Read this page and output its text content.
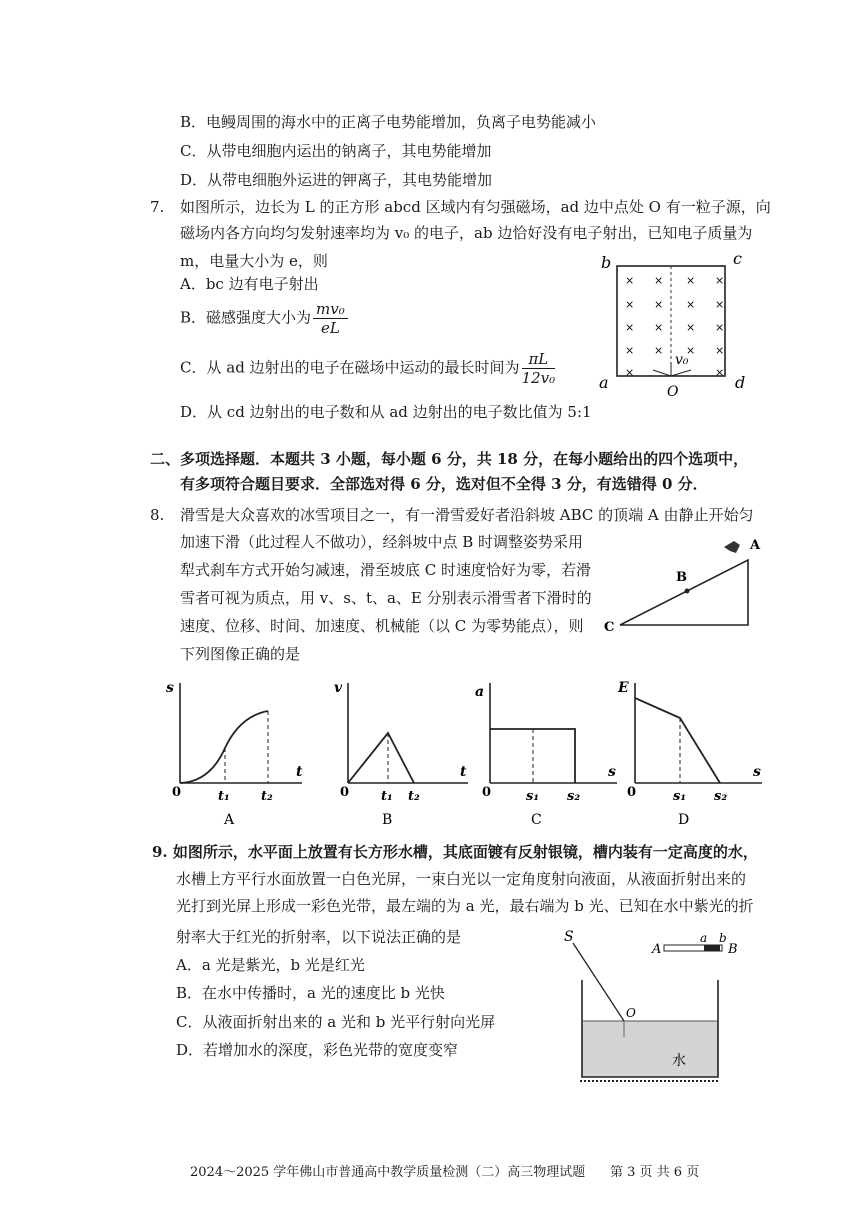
B．电鳗周围的海水中的正离子电势能增加，负离子电势能减小
C．从带电细胞内运出的钠离子，其电势能增加
D．从带电细胞外运进的钾离子，其电势能增加
7. 如图所示，边长为 L 的正方形 abcd 区域内有匀强磁场，ad 边中点处 O 有一粒子源，向
磁场内各方向均匀发射速率均为 v₀ 的电子，ab 边恰好没有电子射出，已知电子质量为
m，电量大小为 e，则
A．bc 边有电子射出
B．磁感强度大小为 $\frac{\text{mv₀}}{eL}$
C．从 ad 边射出的电子在磁场中运动的最长时间为 $\frac{\pi L}{\text{12v₀}}$
D．从 cd 边射出的电子数和从 ad 边射出的电子数比值为 5:1
× × × ×
× × × ×
× × × ×
× × × ×
×	×
b	c
a	d
O
v₀
二、多项选择题．本题共 3 小题，每小题 6 分，共 18 分，在每小题给出的四个选项中，
有多项符合题目要求．全部选对得 6 分，选对但不全得 3 分，有选错得 0 分．
8. 滑雪是大众喜欢的冰雪项目之一，有一滑雪爱好者沿斜坡 ABC 的顶端 A 由静止开始匀
加速下滑（此过程人不做功），经斜坡中点 B 时调整姿势采用
犁式刹车方式开始匀减速，滑至坡底 C 时速度恰好为零，若滑
雪者可视为质点，用 v、s、t、a、E 分别表示滑雪者下滑时的
速度、位移、时间、加速度、机械能（以 C 为零势能点），则
下列图像正确的是
A
B
C
s
t
0	t₁ t₂
A
v
t
0 t₁ t₂
B
a
s
0	s₁ s₂
C
E
s
0	s₁ s₂
D
9. 如图所示，水平面上放置有长方形水槽，其底面镀有反射银镜，槽内装有一定高度的水，
水槽上方平行水面放置一白色光屏，一束白光以一定角度射向液面，从液面折射出来的
光打到光屏上形成一彩色光带，最左端的为 a 光，最右端为 b 光、已知在水中紫光的折
射率大于红光的折射率，以下说法正确的是
A．a 光是紫光，b 光是红光
B．在水中传播时，a 光的速度比 b 光快
C．从液面折射出来的 a 光和 b 光平行射向光屏
D．若增加水的深度，彩色光带的宽度变窄
S
A	B
a b
O
水
2024～2025 学年佛山市普通高中教学质量检测（二）高三物理试题 第 3 页 共 6 页
